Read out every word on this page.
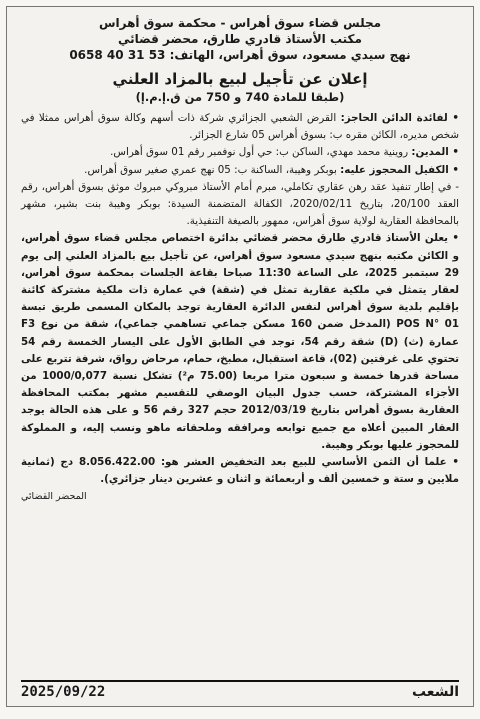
مجلس قضاء سوق أهراس - محكمة سوق أهراس
مكتب الأستاذ قادري طارق، محضر قضائي
نهج سيدي مسعود، سوق أهراس، الهاتف: 53 31 40 0658
إعلان عن تأجيل لبيع بالمزاد العلني
(طبقا للمادة 740 و 750 من ق.إ.م.إ)

• لفائدة الدائن الحاجز: القرض الشعبي الجزائري شركة ذات أسهم وكالة سوق أهراس ممثلا في شخص مديره، الكائن مقره ب: بسوق أهراس 05 شارع الجزائر.

• المدين: روينية محمد مهدي، الساكن ب: حي أول نوفمبر رقم 01 سوق أهراس.

• الكفيل المحجوز عليه: بوبكر وهيبة، الساكنة ب: 05 نهج عمري صغير سوق أهراس.

- في إطار تنفيذ عقد رهن عقاري تكاملي، مبرم أمام الأستاذ مبروكي مبروك موثق بسوق أهراس، رقم العقد 20/100، بتاريخ 2020/02/11، الكفالة المتضمنة السيدة: بوبكر وهيبة بنت بشير، مشهر بالمحافظة العقارية لولاية سوق أهراس، ممهور بالصيغة التنفيذية.

• يعلن الأستاذ قادري طارق محضر قضائي بدائرة اختصاص مجلس قضاء سوق أهراس، و الكائن مكتبه بنهج سيدي مسعود سوق أهراس، عن تأجيل بيع بالمزاد العلني إلى يوم 29 سبتمبر 2025، على الساعة 11:30 صباحا بقاعة الجلسات بمحكمة سوق أهراس، لعقار يتمثل في ملكية عقارية تمثل في (شقة) في عمارة ذات ملكية مشتركة كائنة بإقليم بلدية سوق أهراس لنفس الدائرة العقارية توجد بالمكان المسمى طريق تبسة POS N° 01 (المدخل ضمن 160 مسكن جماعي تساهمي جماعي)، شقة من نوع F3 عمارة (ث) (D) شقة رقم 54، توجد في الطابق الأول على اليسار الخمسة رقم 54 تحتوي على غرفتين (02)، قاعة استقبال، مطبخ، حمام، مرحاض رواق، شرفة تتربع على مساحة قدرها خمسة و سبعون مترا مربعا (75.00 م²) تشكل نسبة 1000/0,077 من الأجزاء المشتركة، حسب جدول البيان الوصفي للتقسيم مشهر بمكتب المحافظة العقارية بسوق أهراس بتاريخ 2012/03/19 حجم 327 رقم 56 و على هذه الحالة يوجد العقار المبين أعلاه مع جميع توابعه ومرافقه وملحقاته ماهو ونسب إليه، و المملوكة للمحجوز عليها بوبكر وهيبة.

• علما أن الثمن الأساسي للبيع بعد التخفيض العشر هو: 8.056.422.00 دج (ثمانية ملايين و ستة و خمسين ألف و أربعمائة و اثنان و عشرين دينار جزائري).

المحضر القضائي
الشعب
2025/09/22
